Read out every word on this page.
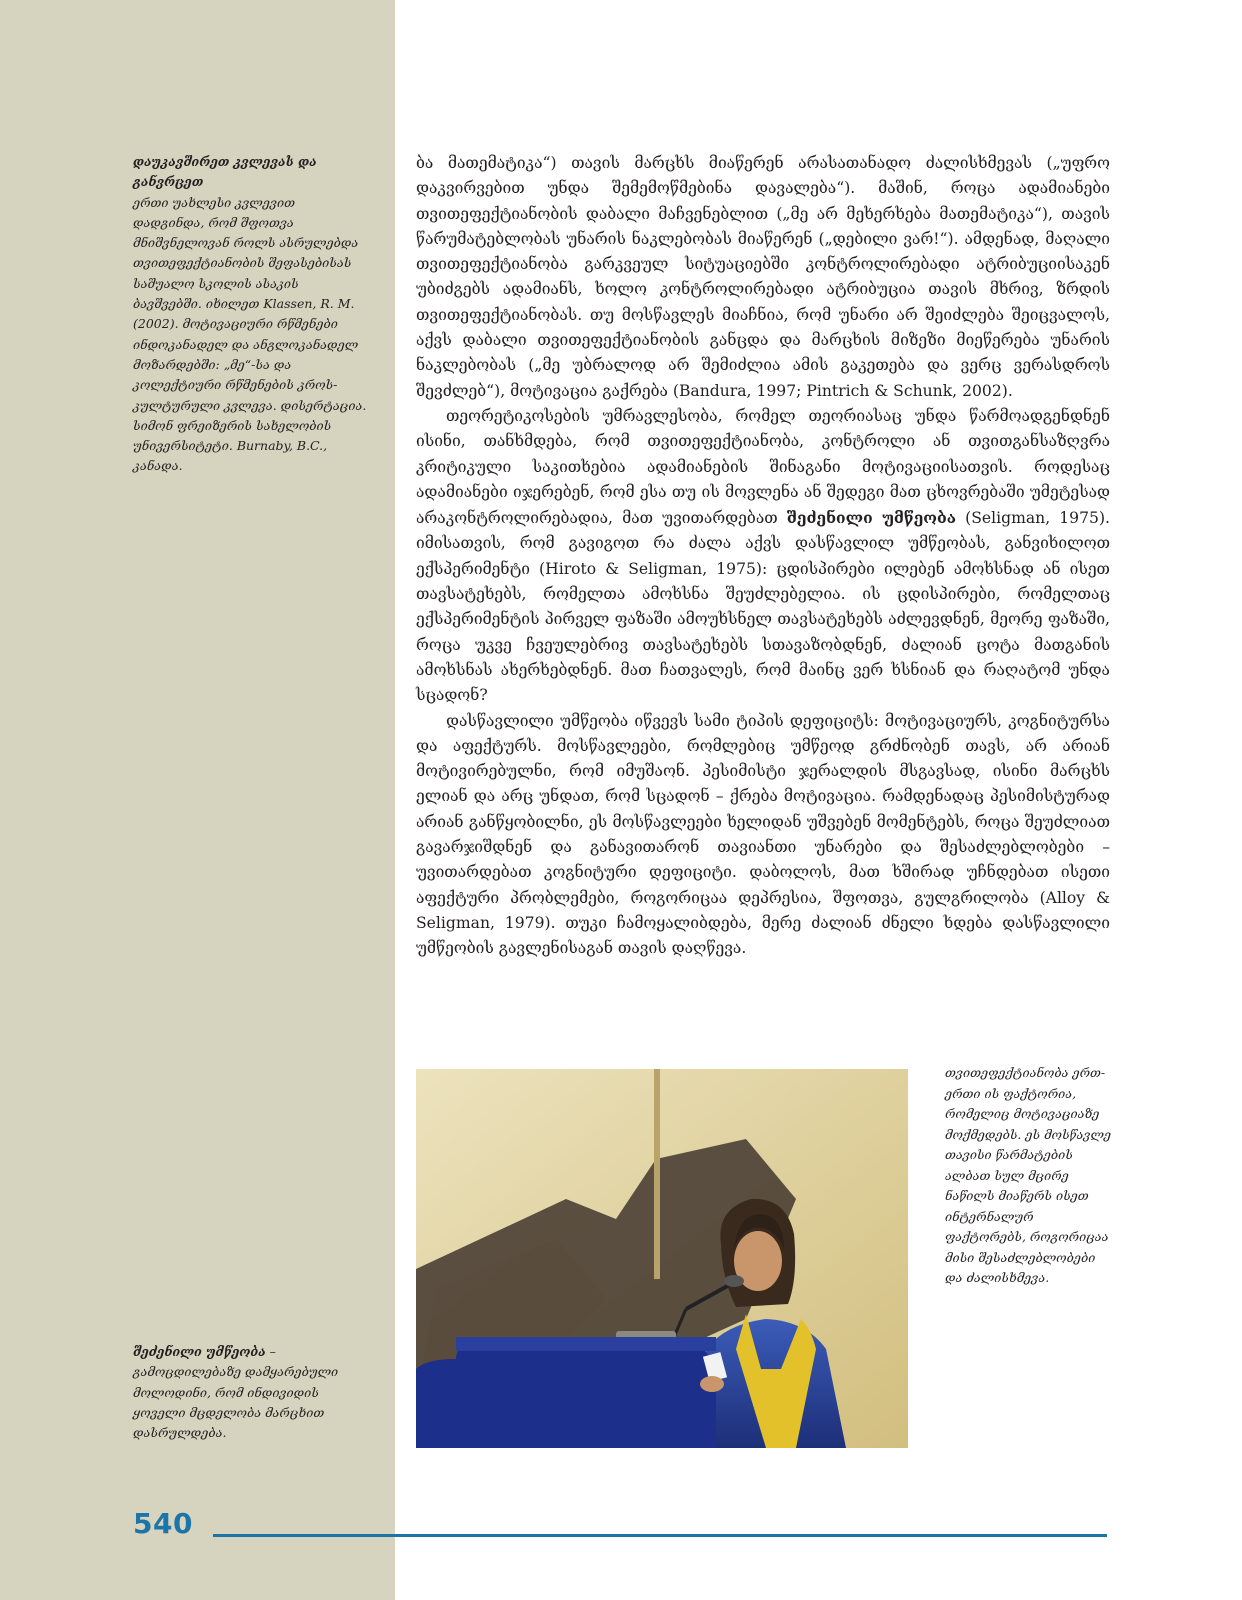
დაუკავშირეთ კვლევას და განვრცეთ
ერთი უახლესი კვლევით დადგინდა, რომ შფოთვა მნიშვნელოვან როლს ასრულებდა თვითეფექტიანობის შეფასებისას საშუალო სკოლის ასაკის ბავშვებში. იხილეთ Klassen, R. M. (2002). მოტივაციური რწმენები ინდოკანადელ და ანგლოკანადელ მოზარდებში: „მე“-სა და კოლექტიური რწმენების კროს-კულტურული კვლევა. დისერტაცია. სიმონ ფრეიზერის სახელობის უნივერსიტეტი. Burnaby, B.C., კანადა.

ბა მათემატიკა“) თავის მარცხს მიაწერენ არასათანადო ძალისხმევას („უფრო დაკვირვებით უნდა შემემოწმებინა დავალება“). მაშინ, როცა ადამიანები თვითეფექტიანობის დაბალი მაჩვენებლით („მე არ მეხერხება მათემატიკა“), თავის წარუმატებლობას უნარის ნაკლებობას მიაწერენ („დებილი ვარ!“). ამდენად, მაღალი თვითეფექტიანობა გარკვეულ სიტუაციებში კონტროლირებადი ატრიბუციისაკენ უბიძგებს ადამიანს, ხოლო კონტროლირებადი ატრიბუცია თავის მხრივ, ზრდის თვითეფექტიანობას. თუ მოსწავლეს მიაჩნია, რომ უნარი არ შეიძლება შეიცვალოს, აქვს დაბალი თვითეფექტიანობის განცდა და მარცხის მიზეზი მიეწერება უნარის ნაკლებობას („მე უბრალოდ არ შემიძლია ამის გაკეთება და ვერც ვერასდროს შევძლებ“), მოტივაცია გაქრება (Bandura, 1997; Pintrich & Schunk, 2002).

თეორეტიკოსების უმრავლესობა, რომელ თეორიასაც უნდა წარმოადგენდნენ ისინი, თანხმდება, რომ თვითეფექტიანობა, კონტროლი ან თვითგანსაზღვრა კრიტიკული საკითხებია ადამიანების შინაგანი მოტივაციისათვის. როდესაც ადამიანები იჯერებენ, რომ ესა თუ ის მოვლენა ან შედეგი მათ ცხოვრებაში უმეტესად არაკონტროლირებადია, მათ უვითარდებათ შეძენილი უმწეობა (Seligman, 1975). იმისათვის, რომ გავიგოთ რა ძალა აქვს დასწავლილ უმწეობას, განვიხილოთ ექსპერიმენტი (Hiroto & Seligman, 1975): ცდისპირები ილებენ ამოხსნად ან ისეთ თავსატეხებს, რომელთა ამოხსნა შეუძლებელია. ის ცდისპირები, რომელთაც ექსპერიმენტის პირველ ფაზაში ამოუხსნელ თავსატეხებს აძლევდნენ, მეორე ფაზაში, როცა უკვე ჩვეულებრივ თავსატეხებს სთავაზობდნენ, ძალიან ცოტა მათგანის ამოხსნას ახერხებდნენ. მათ ჩათვალეს, რომ მაინც ვერ ხსნიან და რაღატომ უნდა სცადონ?

დასწავლილი უმწეობა იწვევს სამი ტიპის დეფიციტს: მოტივაციურს, კოგნიტურსა და აფექტურს. მოსწავლეები, რომლებიც უმწეოდ გრძნობენ თავს, არ არიან მოტივირებულნი, რომ იმუშაონ. პესიმისტი ჯერალდის მსგავსად, ისინი მარცხს ელიან და არც უნდათ, რომ სცადონ – ქრება მოტივაცია. რამდენადაც პესიმისტურად არიან განწყობილნი, ეს მოსწავლეები ხელიდან უშვებენ მომენტებს, როცა შეუძლიათ გავარჯიშდნენ და განავითარონ თავიანთი უნარები და შესაძლებლობები – უვითარდებათ კოგნიტური დეფიციტი. დაბოლოს, მათ ხშირად უჩნდებათ ისეთი აფექტური პრობლემები, როგორიცაა დეპრესია, შფოთვა, გულგრილობა (Alloy & Seligman, 1979). თუკი ჩამოყალიბდება, მერე ძალიან ძნელი ხდება დასწავლილი უმწეობის გავლენისაგან თავის დაღწევა.

თვითეფექტიანობა ერთ-ერთი ის ფაქტორია, რომელიც მოტივაციაზე მოქმედებს. ეს მოსწავლე თავისი წარმატების ალბათ სულ მცირე ნაწილს მიაწერს ისეთ ინტერნალურ ფაქტორებს, როგორიცაა მისი შესაძლებლობები და ძალისხმევა.
შეძენილი უმწეობა – გამოცდილებაზე დამყარებული მოლოდინი, რომ ინდივიდის ყოველი მცდელობა მარცხით დასრულდება.
540
